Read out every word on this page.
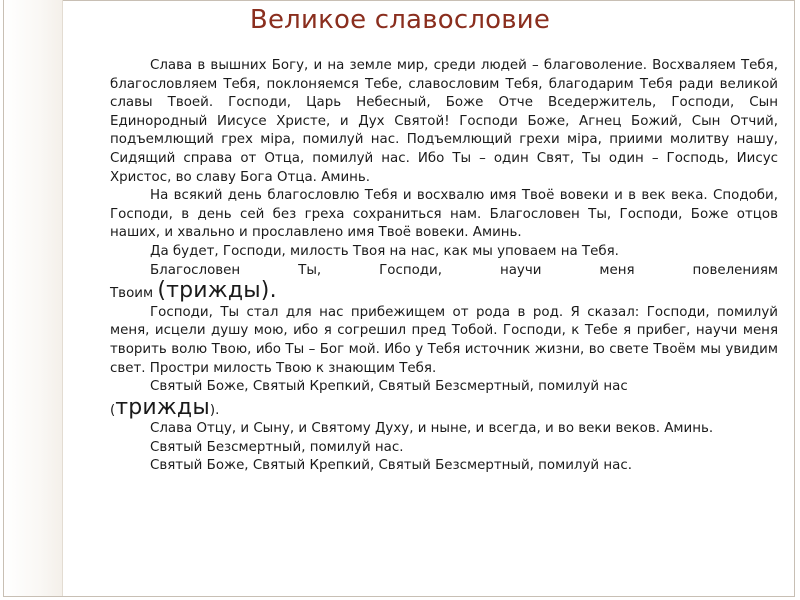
Великое славословие

Слава в вышних Богу, и на земле мир, среди людей – благоволение. Восхваляем Тебя, благословляем Тебя, поклоняемся Тебе, славословим Тебя, благодарим Тебя ради великой славы Твоей. Господи, Царь Небесный, Боже Отче Вседержитель, Господи, Сын Единородный Иисусе Христе, и Дух Святой! Господи Боже, Агнец Божий, Сын Отчий, подъемлющий грех міра, помилуй нас. Подъемлющий грехи міра, приими молитву нашу, Сидящий справа от Отца, помилуй нас. Ибо Ты – один Свят, Ты один – Господь, Иисус Христос, во славу Бога Отца. Аминь.

На всякий день благословлю Тебя и восхвалю имя Твоё вовеки и в век века. Сподоби, Господи, в день сей без греха сохраниться нам. Благословен Ты, Господи, Боже отцов наших, и хвально и прославлено имя Твоё вовеки. Аминь.

Да будет, Господи, милость Твоя на нас, как мы уповаем на Тебя.

Благословен Ты, Господи, научи меня повелениям

Твоим (трижды).

Господи, Ты стал для нас прибежищем от рода в род. Я сказал: Господи, помилуй меня, исцели душу мою, ибо я согрешил пред Тобой. Господи, к Тебе я прибег, научи меня творить волю Твою, ибо Ты – Бог мой. Ибо у Тебя источник жизни, во свете Твоём мы увидим свет. Простри милость Твою к знающим Тебя.

Святый Боже, Святый Крепкий, Святый Безсмертный, помилуй нас

(трижды).

Слава Отцу, и Сыну, и Святому Духу, и ныне, и всегда, и во веки веков. Аминь.

Святый Безсмертный, помилуй нас.

Святый Боже, Святый Крепкий, Святый Безсмертный, помилуй нас.
